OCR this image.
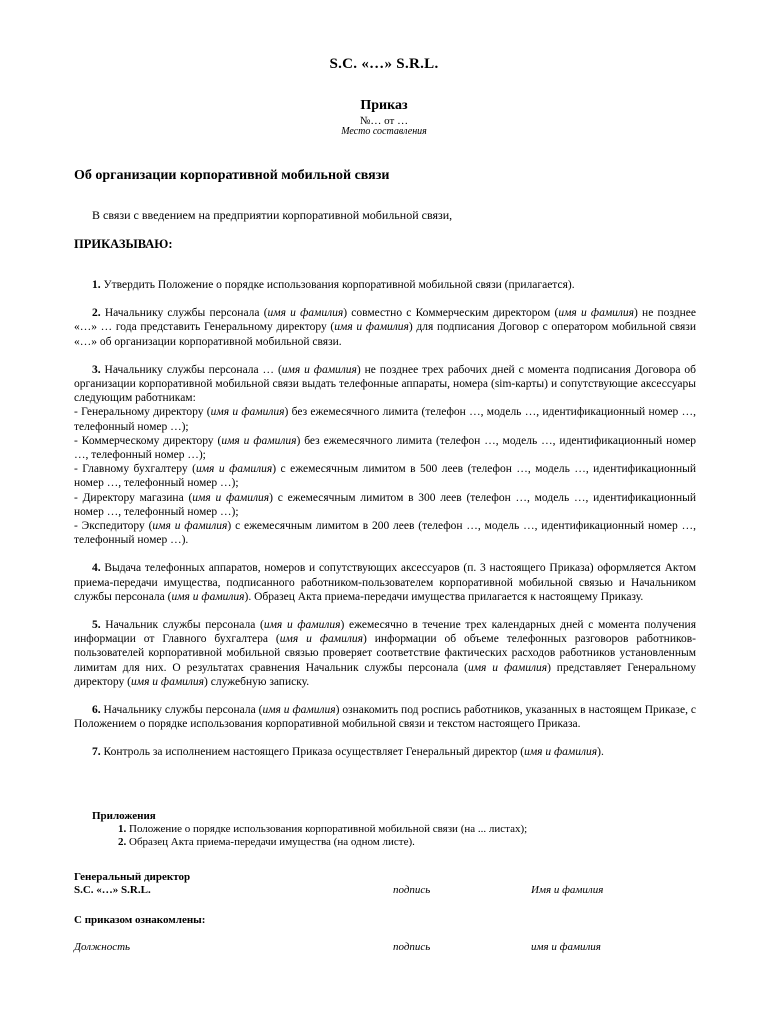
S.C. «…» S.R.L.
Приказ
№… от …
Место составления
Об организации корпоративной мобильной связи
В связи с введением на предприятии корпоративной мобильной связи,
ПРИКАЗЫВАЮ:

1. Утвердить Положение о порядке использования корпоративной мобильной связи (прилагается).

2. Начальнику службы персонала (имя и фамилия) совместно с Коммерческим директором (имя и фамилия) не позднее «…» … года представить Генеральному директору (имя и фамилия) для подписания Договор с оператором мобильной связи «…» об организации корпоративной мобильной связи.

3. Начальнику службы персонала … (имя и фамилия) не позднее трех рабочих дней с момента подписания Договора об организации корпоративной мобильной связи выдать телефонные аппараты, номера (sim-карты) и сопутствующие аксессуары следующим работникам:

- Генеральному директору (имя и фамилия) без ежемесячного лимита (телефон …, модель …, идентификационный номер …, телефонный номер …);

- Коммерческому директору (имя и фамилия) без ежемесячного лимита (телефон …, модель …, идентификационный номер …, телефонный номер …);

- Главному бухгалтеру (имя и фамилия) с ежемесячным лимитом в 500 леев (телефон …, модель …, идентификационный номер …, телефонный номер …);

- Директору магазина (имя и фамилия) с ежемесячным лимитом в 300 леев (телефон …, модель …, идентификационный номер …, телефонный номер …);

- Экспедитору (имя и фамилия) с ежемесячным лимитом в 200 леев (телефон …, модель …, идентификационный номер …, телефонный номер …).

4. Выдача телефонных аппаратов, номеров и сопутствующих аксессуаров (п. 3 настоящего Приказа) оформляется Актом приема-передачи имущества, подписанного работником-пользователем корпоративной мобильной связью и Начальником службы персонала (имя и фамилия). Образец Акта приема-передачи имущества прилагается к настоящему Приказу.

5. Начальник службы персонала (имя и фамилия) ежемесячно в течение трех календарных дней с момента получения информации от Главного бухгалтера (имя и фамилия) информации об объеме телефонных разговоров работников-пользователей корпоративной мобильной связью проверяет соответствие фактических расходов работников установленным лимитам для них. О результатах сравнения Начальник службы персонала (имя и фамилия) представляет Генеральному директору (имя и фамилия) служебную записку.

6. Начальнику службы персонала (имя и фамилия) ознакомить под роспись работников, указанных в настоящем Приказе, с Положением о порядке использования корпоративной мобильной связи и текстом настоящего Приказа.

7. Контроль за исполнением настоящего Приказа осуществляет Генеральный директор (имя и фамилия).

Приложения
1. Положение о порядке использования корпоративной мобильной связи (на ... листах);
2. Образец Акта приема-передачи имущества (на одном листе).
Генеральный директор
S.C. «…» S.R.L.	подпись	Имя и фамилия
С приказом ознакомлены:
Должность	подпись	имя и фамилия
